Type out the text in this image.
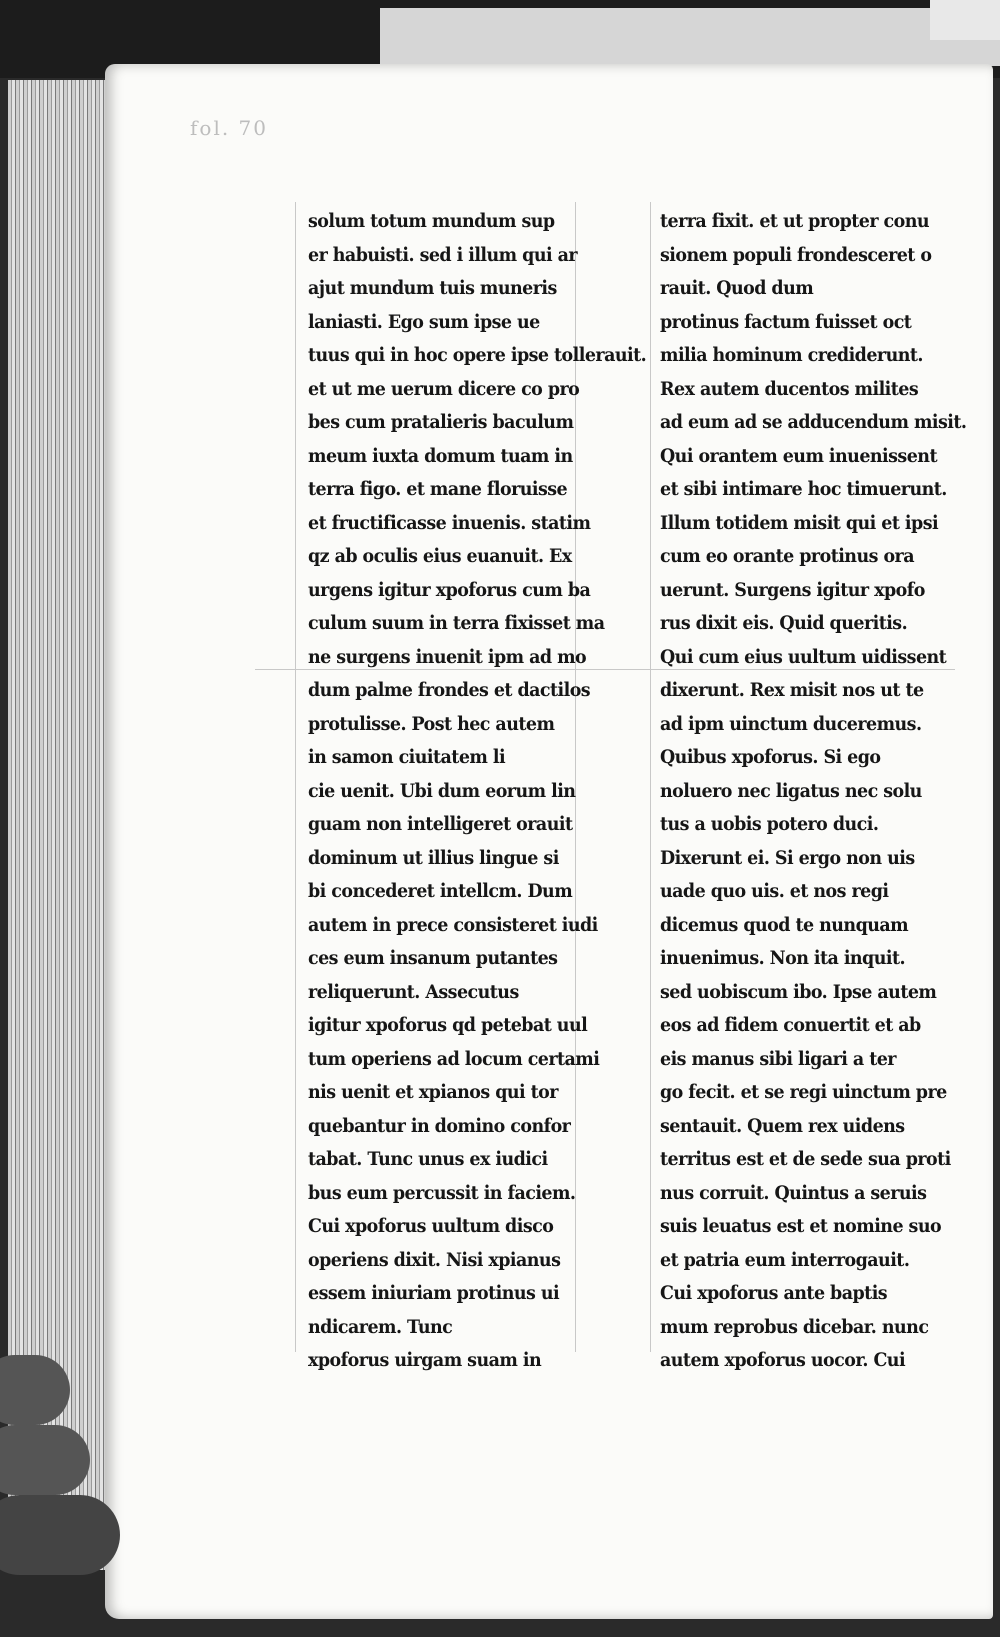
fol. 70
solum totum mundum sup
er habuisti. sed i illum qui ar
ajut mundum tuis muneris
laniasti. Ego sum ipse ue
tuus qui in hoc opere ipse tollerauit.
et ut me uerum dicere co pro
bes cum pratalieris baculum
meum iuxta domum tuam in
terra figo. et mane floruisse
et fructificasse inuenis. statim
qz ab oculis eius euanuit. Ex
urgens igitur xpoforus cum ba
culum suum in terra fixisset ma
ne surgens inuenit ipm ad mo
dum palme frondes et dactilos
protulisse. Post hec autem
in samon ciuitatem li
cie uenit. Ubi dum eorum lin
guam non intelligeret orauit
dominum ut illius lingue si
bi concederet intellcm. Dum
autem in prece consisteret iudi
ces eum insanum putantes
reliquerunt. Assecutus
igitur xpoforus qd petebat uul
tum operiens ad locum certami
nis uenit et xpianos qui tor
quebantur in domino confor
tabat. Tunc unus ex iudici
bus eum percussit in faciem.
Cui xpoforus uultum disco
operiens dixit. Nisi xpianus
essem iniuriam protinus ui
ndicarem. Tunc
xpoforus uirgam suam in
terra fixit. et ut propter conu
sionem populi frondesceret o
rauit. Quod dum
protinus factum fuisset oct
milia hominum crediderunt.
Rex autem ducentos milites
ad eum ad se adducendum misit.
Qui orantem eum inuenissent
et sibi intimare hoc timuerunt.
Illum totidem misit qui et ipsi
cum eo orante protinus ora
uerunt. Surgens igitur xpofo
rus dixit eis. Quid queritis.
Qui cum eius uultum uidissent
dixerunt. Rex misit nos ut te
ad ipm uinctum duceremus.
Quibus xpoforus. Si ego
noluero nec ligatus nec solu
tus a uobis potero duci.
Dixerunt ei. Si ergo non uis
uade quo uis. et nos regi
dicemus quod te nunquam
inuenimus. Non ita inquit.
sed uobiscum ibo. Ipse autem
eos ad fidem conuertit et ab
eis manus sibi ligari a ter
go fecit. et se regi uinctum pre
sentauit. Quem rex uidens
territus est et de sede sua proti
nus corruit. Quintus a seruis
suis leuatus est et nomine suo
et patria eum interrogauit.
Cui xpoforus ante baptis
mum reprobus dicebar. nunc
autem xpoforus uocor. Cui
